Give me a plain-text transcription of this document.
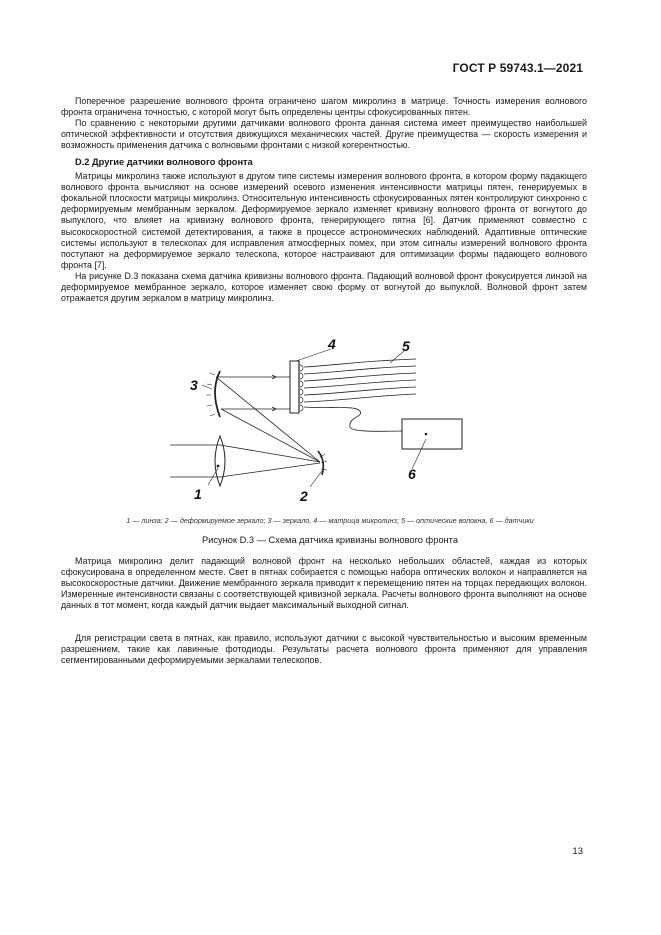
ГОСТ Р 59743.1—2021

Поперечное разрешение волнового фронта ограничено шагом микролинз в матрице. Точность измерения волнового фронта ограничена точностью, с которой могут быть определены центры сфокусированных пятен.

По сравнению с некоторыми другими датчиками волнового фронта данная система имеет преимущество наибольшей оптической эффективности и отсутствия движущихся механических частей. Другие преимущества — скорость измерения и возможность применения датчика с волновыми фронтами с низкой когерентностью.

D.2 Другие датчики волнового фронта

Матрицы микролинз также используют в другом типе системы измерения волнового фронта, в котором форму падающего волнового фронта вычисляют на основе измерений осевого изменения интенсивности матрицы пятен, генерируемых в фокальной плоскости матрицы микролинз. Относительную интенсивность сфокусированных пятен контролируют синхронно с деформируемым мембранным зеркалом. Деформируемое зеркало изменяет кривизну волнового фронта от вогнутого до выпуклого, что влияет на кривизну волнового фронта, генерирующего пятна [6]. Датчик применяют совместно с высокоскоростной системой детектирования, а также в процессе астрономических наблюдений. Адаптивные оптические системы используют в телескопах для исправления атмосферных помех, при этом сигналы измерений волнового фронта поступают на деформируемое зеркало телескопа, которое настраивают для оптимизации формы падающего волнового фронта [7].

На рисунке D.3 показана схема датчика кривизны волнового фронта. Падающий волновой фронт фокусируется линзой на деформируемое мембранное зеркало, которое изменяет свою форму от вогнутой до выпуклой. Волновой фронт затем отражается другим зеркалом в матрицу микролинз.

1	2
3
4	5
6
1 — линза; 2 — деформируемое зеркало; 3 — зеркало, 4 — матрица микролинз; 5 — оптические волокна, 6 — датчики
Рисунок D.3 — Схема датчика кривизны волнового фронта

Матрица микролинз делит падающий волновой фронт на несколько небольших областей, каждая из которых сфокусирована в определенном месте. Свет в пятнах собирается с помощью набора оптических волокон и направляется на высокоскоростные датчики. Движение мембранного зеркала приводит к перемещению пятен на торцах передающих волокон. Измеренные интенсивности связаны с соответствующей кривизной зеркала. Расчеты волнового фронта выполняют на основе данных в тот момент, когда каждый датчик выдает максимальный выходной сигнал.

Для регистрации света в пятнах, как правило, используют датчики с высокой чувствительностью и высоким временным разрешением, такие как лавинные фотодиоды. Результаты расчета волнового фронта применяют для управления сегментированными деформируемыми зеркалами телескопов.

13
